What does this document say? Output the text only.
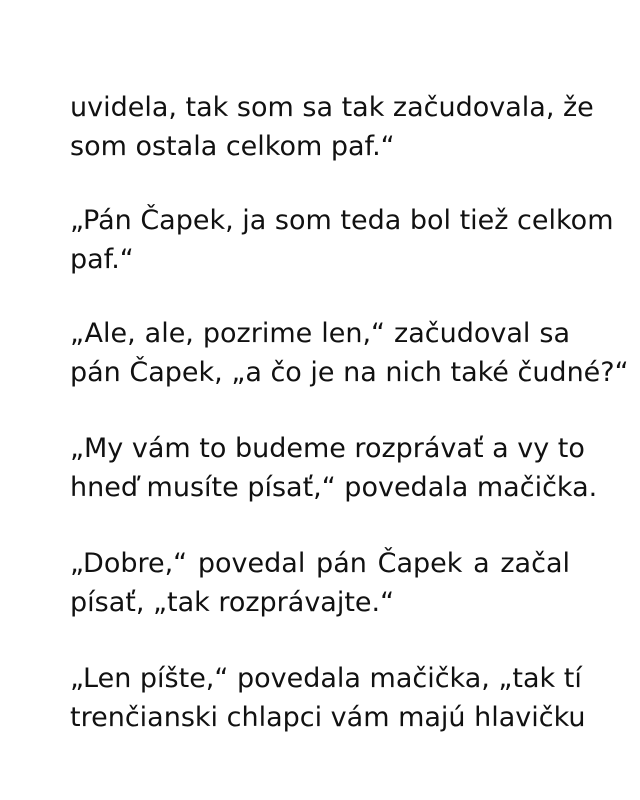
uvidela, tak som sa tak začudovala, že
som ostala celkom paf.“

„Pán Čapek, ja som teda bol tiež celkom
paf.“

„Ale, ale, pozrime len,“ začudoval sa
pán Čapek, „a čo je na nich také čudné?“

„My vám to budeme rozprávať a vy to
hneď musíte písať,“ povedala mačička.

„Dobre,“ povedal pán Čapek a začal
písať, „tak rozprávajte.“

„Len píšte,“ povedala mačička, „tak tí
trenčianski chlapci vám majú hlavičku
